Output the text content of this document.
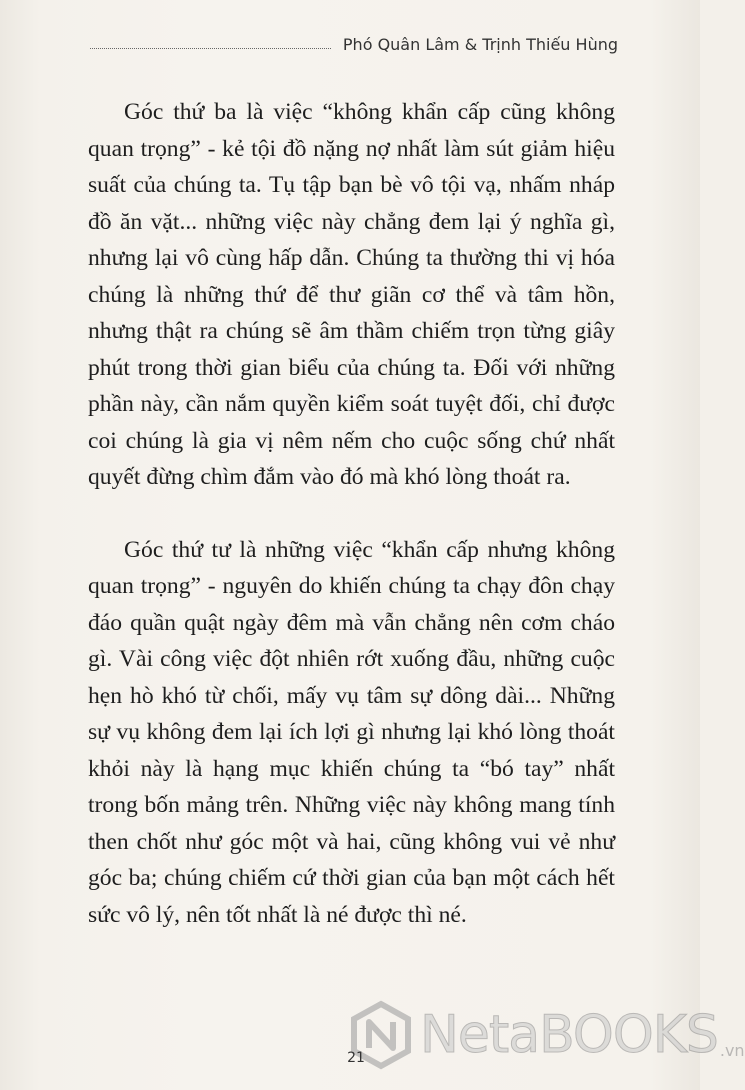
Phó Quân Lâm & Trịnh Thiếu Hùng

Góc thứ ba là việc “không khẩn cấp cũng không quan trọng” - kẻ tội đồ nặng nợ nhất làm sút giảm hiệu suất của chúng ta. Tụ tập bạn bè vô tội vạ, nhấm nháp đồ ăn vặt... những việc này chẳng đem lại ý nghĩa gì, nhưng lại vô cùng hấp dẫn. Chúng ta thường thi vị hóa chúng là những thứ để thư giãn cơ thể và tâm hồn, nhưng thật ra chúng sẽ âm thầm chiếm trọn từng giây phút trong thời gian biểu của chúng ta. Đối với những phần này, cần nắm quyền kiểm soát tuyệt đối, chỉ được coi chúng là gia vị nêm nếm cho cuộc sống chứ nhất quyết đừng chìm đắm vào đó mà khó lòng thoát ra.

Góc thứ tư là những việc “khẩn cấp nhưng không quan trọng” - nguyên do khiến chúng ta chạy đôn chạy đáo quần quật ngày đêm mà vẫn chẳng nên cơm cháo gì. Vài công việc đột nhiên rớt xuống đầu, những cuộc hẹn hò khó từ chối, mấy vụ tâm sự dông dài... Những sự vụ không đem lại ích lợi gì nhưng lại khó lòng thoát khỏi này là hạng mục khiến chúng ta “bó tay” nhất trong bốn mảng trên. Những việc này không mang tính then chốt như góc một và hai, cũng không vui vẻ như góc ba; chúng chiếm cứ thời gian của bạn một cách hết sức vô lý, nên tốt nhất là né được thì né.

NetaBOOKS .vn
21
